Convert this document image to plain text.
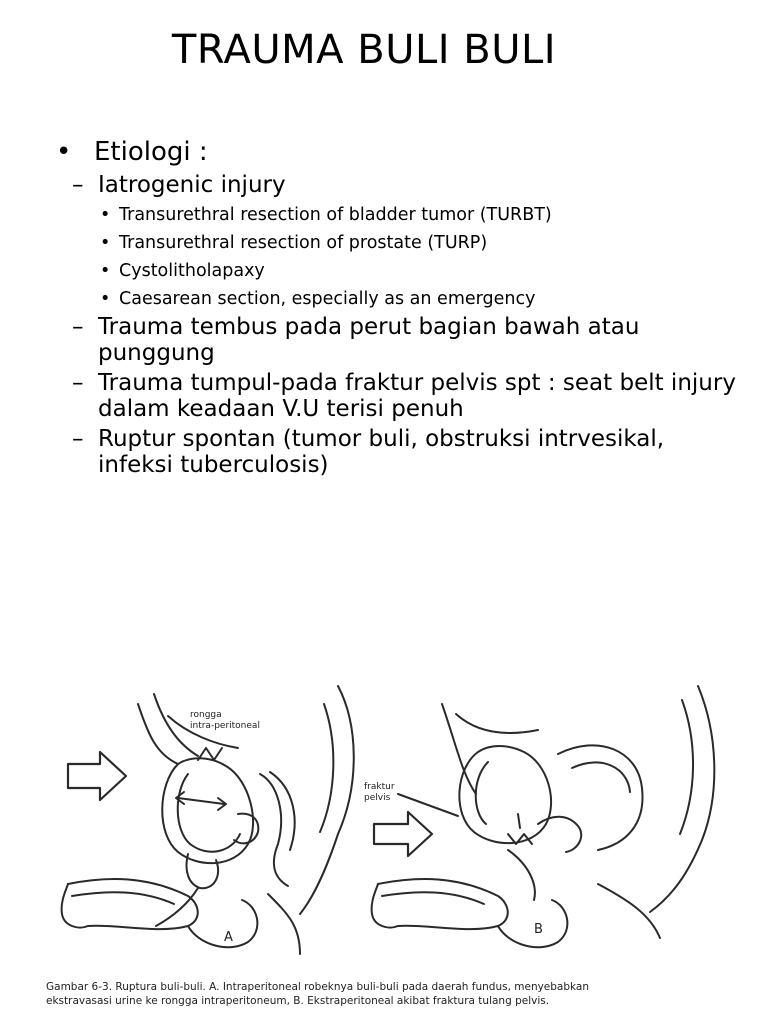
TRAUMA BULI BULI
• Etiologi :
– Iatrogenic injury
• Transurethral resection of bladder tumor (TURBT)
• Transurethral resection of prostate (TURP)
• Cystolitholapaxy
• Caesarean section, especially as an emergency
– Trauma tembus pada perut bagian bawah atau
punggung
– Trauma tumpul-pada fraktur pelvis spt : seat belt injury
dalam keadaan V.U terisi penuh
– Ruptur spontan (tumor buli, obstruksi intrvesikal,
infeksi tuberculosis)
rongga
intra-peritoneal
fraktur
pelvis
A
B
Gambar 6-3. Ruptura buli-buli. A. Intraperitoneal robeknya buli-buli pada daerah fundus, menyebabkan
ekstravasasi urine ke rongga intraperitoneum, B. Ekstraperitoneal akibat fraktura tulang pelvis.
